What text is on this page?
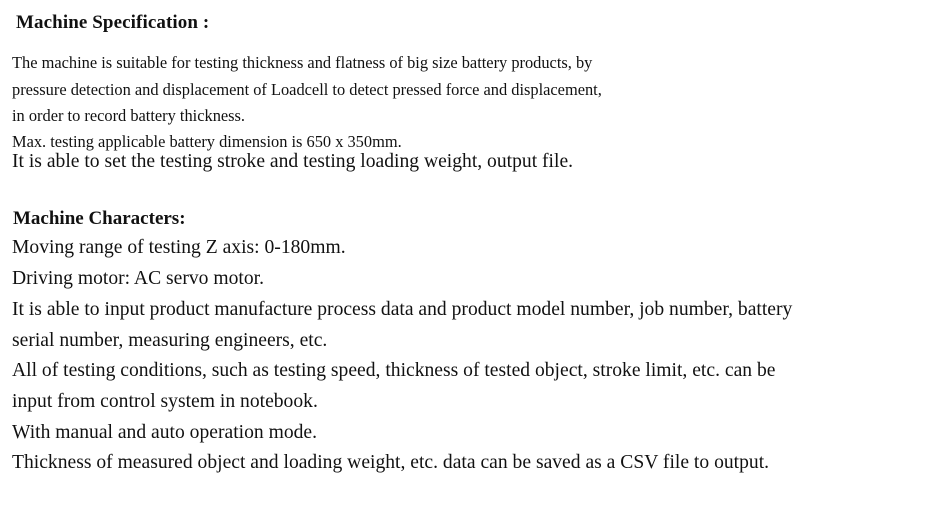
Machine Specification :
The machine is suitable for testing thickness and flatness of big size battery products, by
pressure detection and displacement of Loadcell to detect pressed force and displacement,
in order to record battery thickness.
Max. testing applicable battery dimension is 650 x 350mm.
It is able to set the testing stroke and testing loading weight, output file.
Machine Characters:
Moving range of testing Z axis: 0-180mm.
Driving motor: AC servo motor.
It is able to input product manufacture process data and product model number, job number, battery
serial number, measuring engineers, etc.
All of testing conditions, such as testing speed, thickness of tested object, stroke limit, etc. can be
input from control system in notebook.
With manual and auto operation mode.
Thickness of measured object and loading weight, etc. data can be saved as a CSV file to output.
